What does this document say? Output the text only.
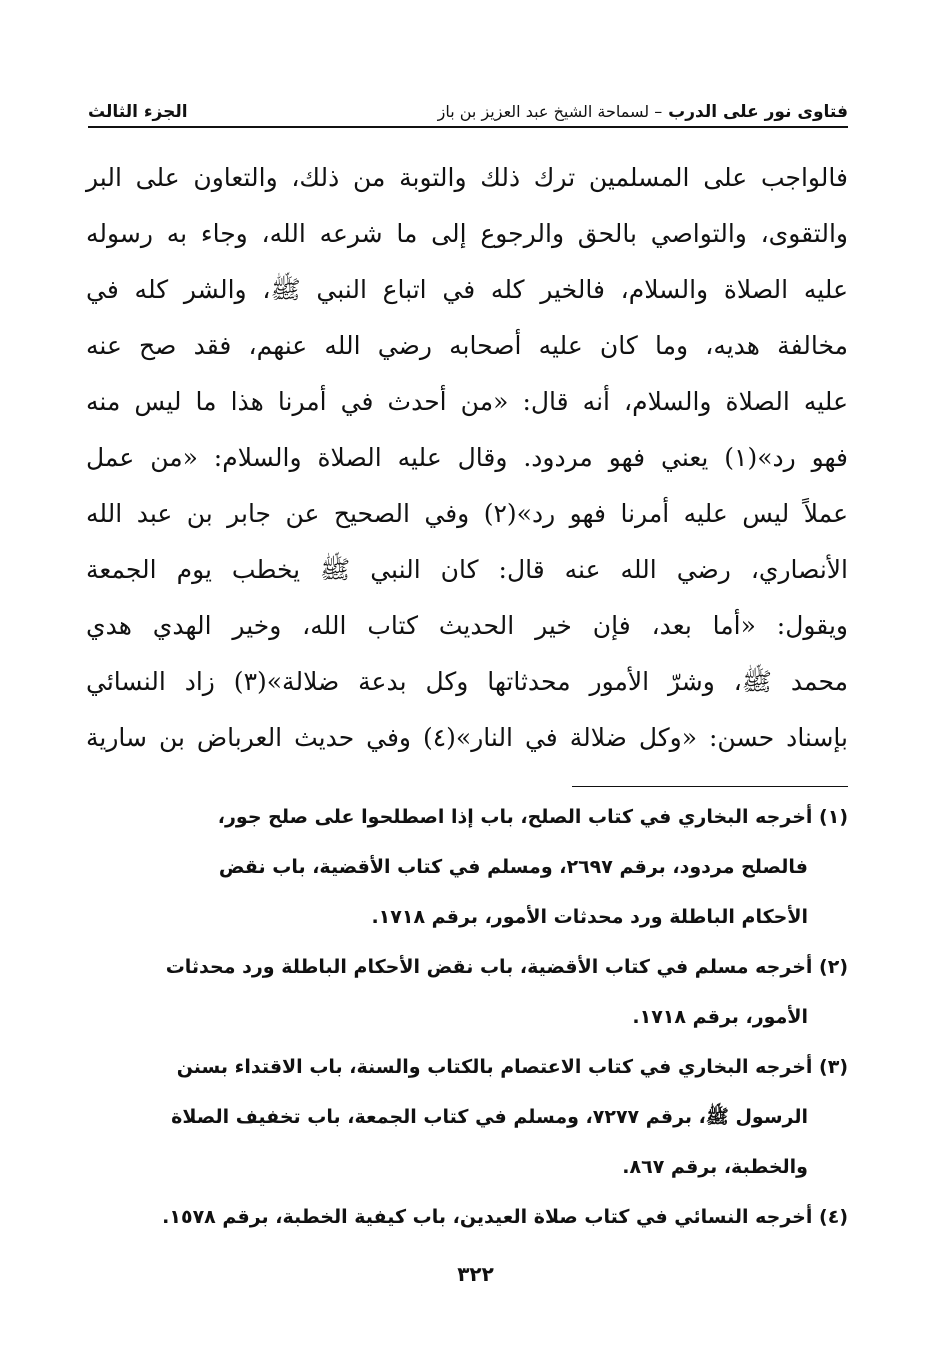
فتاوى نور على الدرب – لسماحة الشيخ عبد العزيز بن باز
الجزء الثالث
فالواجب على المسلمين ترك ذلك والتوبة من ذلك، والتعاون على البر
والتقوى، والتواصي بالحق والرجوع إلى ما شرعه الله، وجاء به رسوله
عليه الصلاة والسلام، فالخير كله في اتباع النبي ﷺ، والشر كله في
مخالفة هديه، وما كان عليه أصحابه رضي الله عنهم، فقد صح عنه
عليه الصلاة والسلام، أنه قال: «من أحدث في أمرنا هذا ما ليس منه
فهو رد»(١) يعني فهو مردود. وقال عليه الصلاة والسلام: «من عمل
عملاً ليس عليه أمرنا فهو رد»(٢) وفي الصحيح عن جابر بن عبد الله
الأنصاري، رضي الله عنه قال: كان النبي ﷺ يخطب يوم الجمعة
ويقول: «أما بعد، فإن خير الحديث كتاب الله، وخير الهدي هدي
محمد ﷺ، وشرّ الأمور محدثاتها وكل بدعة ضلالة»(٣) زاد النسائي
بإسناد حسن: «وكل ضلالة في النار»(٤) وفي حديث العرباض بن سارية
(١) أخرجه البخاري في كتاب الصلح، باب إذا اصطلحوا على صلح جور،
فالصلح مردود، برقم ٢٦٩٧، ومسلم في كتاب الأقضية، باب نقض
الأحكام الباطلة ورد محدثات الأمور، برقم ١٧١٨.
(٢) أخرجه مسلم في كتاب الأقضية، باب نقض الأحكام الباطلة ورد محدثات
الأمور، برقم ١٧١٨.
(٣) أخرجه البخاري في كتاب الاعتصام بالكتاب والسنة، باب الاقتداء بسنن
الرسول ﷺ، برقم ٧٢٧٧، ومسلم في كتاب الجمعة، باب تخفيف الصلاة
والخطبة، برقم ٨٦٧.
(٤) أخرجه النسائي في كتاب صلاة العيدين، باب كيفية الخطبة، برقم ١٥٧٨.
٣٢٢
